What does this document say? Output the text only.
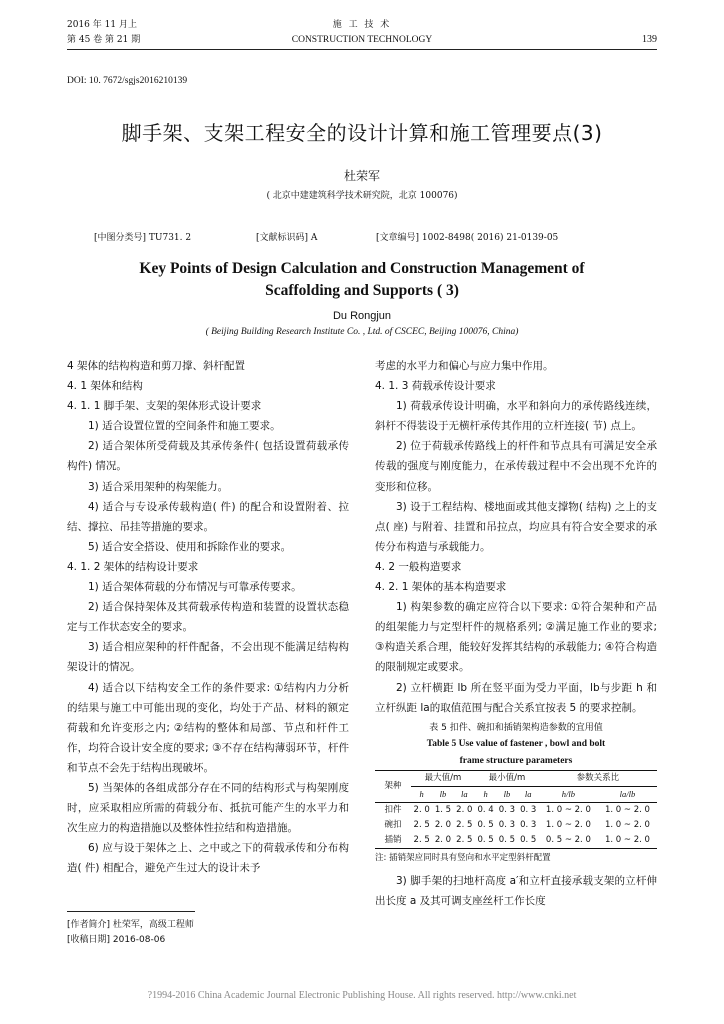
2016 年 11 月上	施 工 技 术
第 45 卷 第 21 期	CONSTRUCTION TECHNOLOGY	139
DOI: 10. 7672/sgjs2016210139
脚手架、支架工程安全的设计计算和施工管理要点(3)
杜荣军
( 北京中建建筑科学技术研究院，北京 100076)
[中图分类号] TU731. 2	[文献标识码] A	[文章编号] 1002-8498( 2016) 21-0139-05
Key Points of Design Calculation and Construction Management of
Scaffolding and Supports ( 3)
Du Rongjun
( Beijing Building Research Institute Co. , Ltd. of CSCEC, Beijing 100076, China)

4 架体的结构构造和剪刀撑、斜杆配置

4. 1 架体和结构

4. 1. 1 脚手架、支架的架体形式设计要求

1) 适合设置位置的空间条件和施工要求。

2) 适合架体所受荷载及其承传条件( 包括设置荷载承传构件) 情况。

3) 适合采用架种的构架能力。

4) 适合与专设承传载构造( 件) 的配合和设置附着、拉结、撑拉、吊挂等措施的要求。

5) 适合安全搭设、使用和拆除作业的要求。

4. 1. 2 架体的结构设计要求

1) 适合架体荷载的分布情况与可靠承传要求。

2) 适合保持架体及其荷载承传构造和装置的设置状态稳定与工作状态安全的要求。

3) 适合相应架种的杆件配备，不会出现不能满足结构构架设计的情况。

4) 适合以下结构安全工作的条件要求: ①结构内力分析的结果与施工中可能出现的变化，均处于产品、材料的额定荷载和允许变形之内; ②结构的整体和局部、节点和杆件工作，均符合设计安全度的要求; ③不存在结构薄弱环节，杆件和节点不会先于结构出现破坏。

5) 当架体的各组成部分存在不同的结构形式与构架刚度时，应采取相应所需的荷载分布、抵抗可能产生的水平力和次生应力的构造措施以及整体性拉结和构造措施。

6) 应与设于架体之上、之中或之下的荷载承传和分布构造( 件) 相配合，避免产生过大的设计未予

考虑的水平力和偏心与应力集中作用。

4. 1. 3 荷载承传设计要求

1) 荷载承传设计明确，水平和斜向力的承传路线连续，斜杆不得装设于无横杆承传其作用的立杆连接( 节) 点上。

2) 位于荷载承传路线上的杆件和节点具有可满足安全承传载的强度与刚度能力，在承传载过程中不会出现不允许的变形和位移。

3) 设于工程结构、楼地面或其他支撑物( 结构) 之上的支点( 座) 与附着、挂置和吊拉点，均应具有符合安全要求的承传分布构造与承载能力。

4. 2 一般构造要求

4. 2. 1 架体的基本构造要求

1) 构架参数的确定应符合以下要求: ①符合架种和产品的组架能力与定型杆件的规格系列; ②满足施工作业的要求; ③构造关系合理，能较好发挥其结构的承载能力; ④符合构造的限制规定或要求。

2) 立杆横距 lb 所在竖平面为受力平面，lb与步距 h 和立杆纵距 la的取值范围与配合关系宜按表 5 的要求控制。

表 5 扣件、碗扣和插销架构造参数的宜用值
Table 5 Use value of fastener , bowl and bolt
frame structure parameters
架种	最大值/m			最小值/m			参数关系比	
	h	lb	la	h	lb	la	h/lb	la/lb
扣件	2. 0	1. 5	2. 0	0. 4	0. 3	0. 3	1. 0 ~ 2. 0	1. 0 ~ 2. 0
碗扣	2. 5	2. 0	2. 5	0. 5	0. 3	0. 3	1. 0 ~ 2. 0	1. 0 ~ 2. 0
插销	2. 5	2. 0	2. 5	0. 5	0. 5	0. 5	0. 5 ~ 2. 0	1. 0 ~ 2. 0
注: 插销架应同时具有竖向和水平定型斜杆配置

3) 脚手架的扫地杆高度 a′和立杆直接承载支架的立杆伸出长度 a 及其可调支座丝杆工作长度

[作者简介] 杜荣军，高级工程师
[收稿日期] 2016-08-06
?1994-2016 China Academic Journal Electronic Publishing House. All rights reserved. http://www.cnki.net
